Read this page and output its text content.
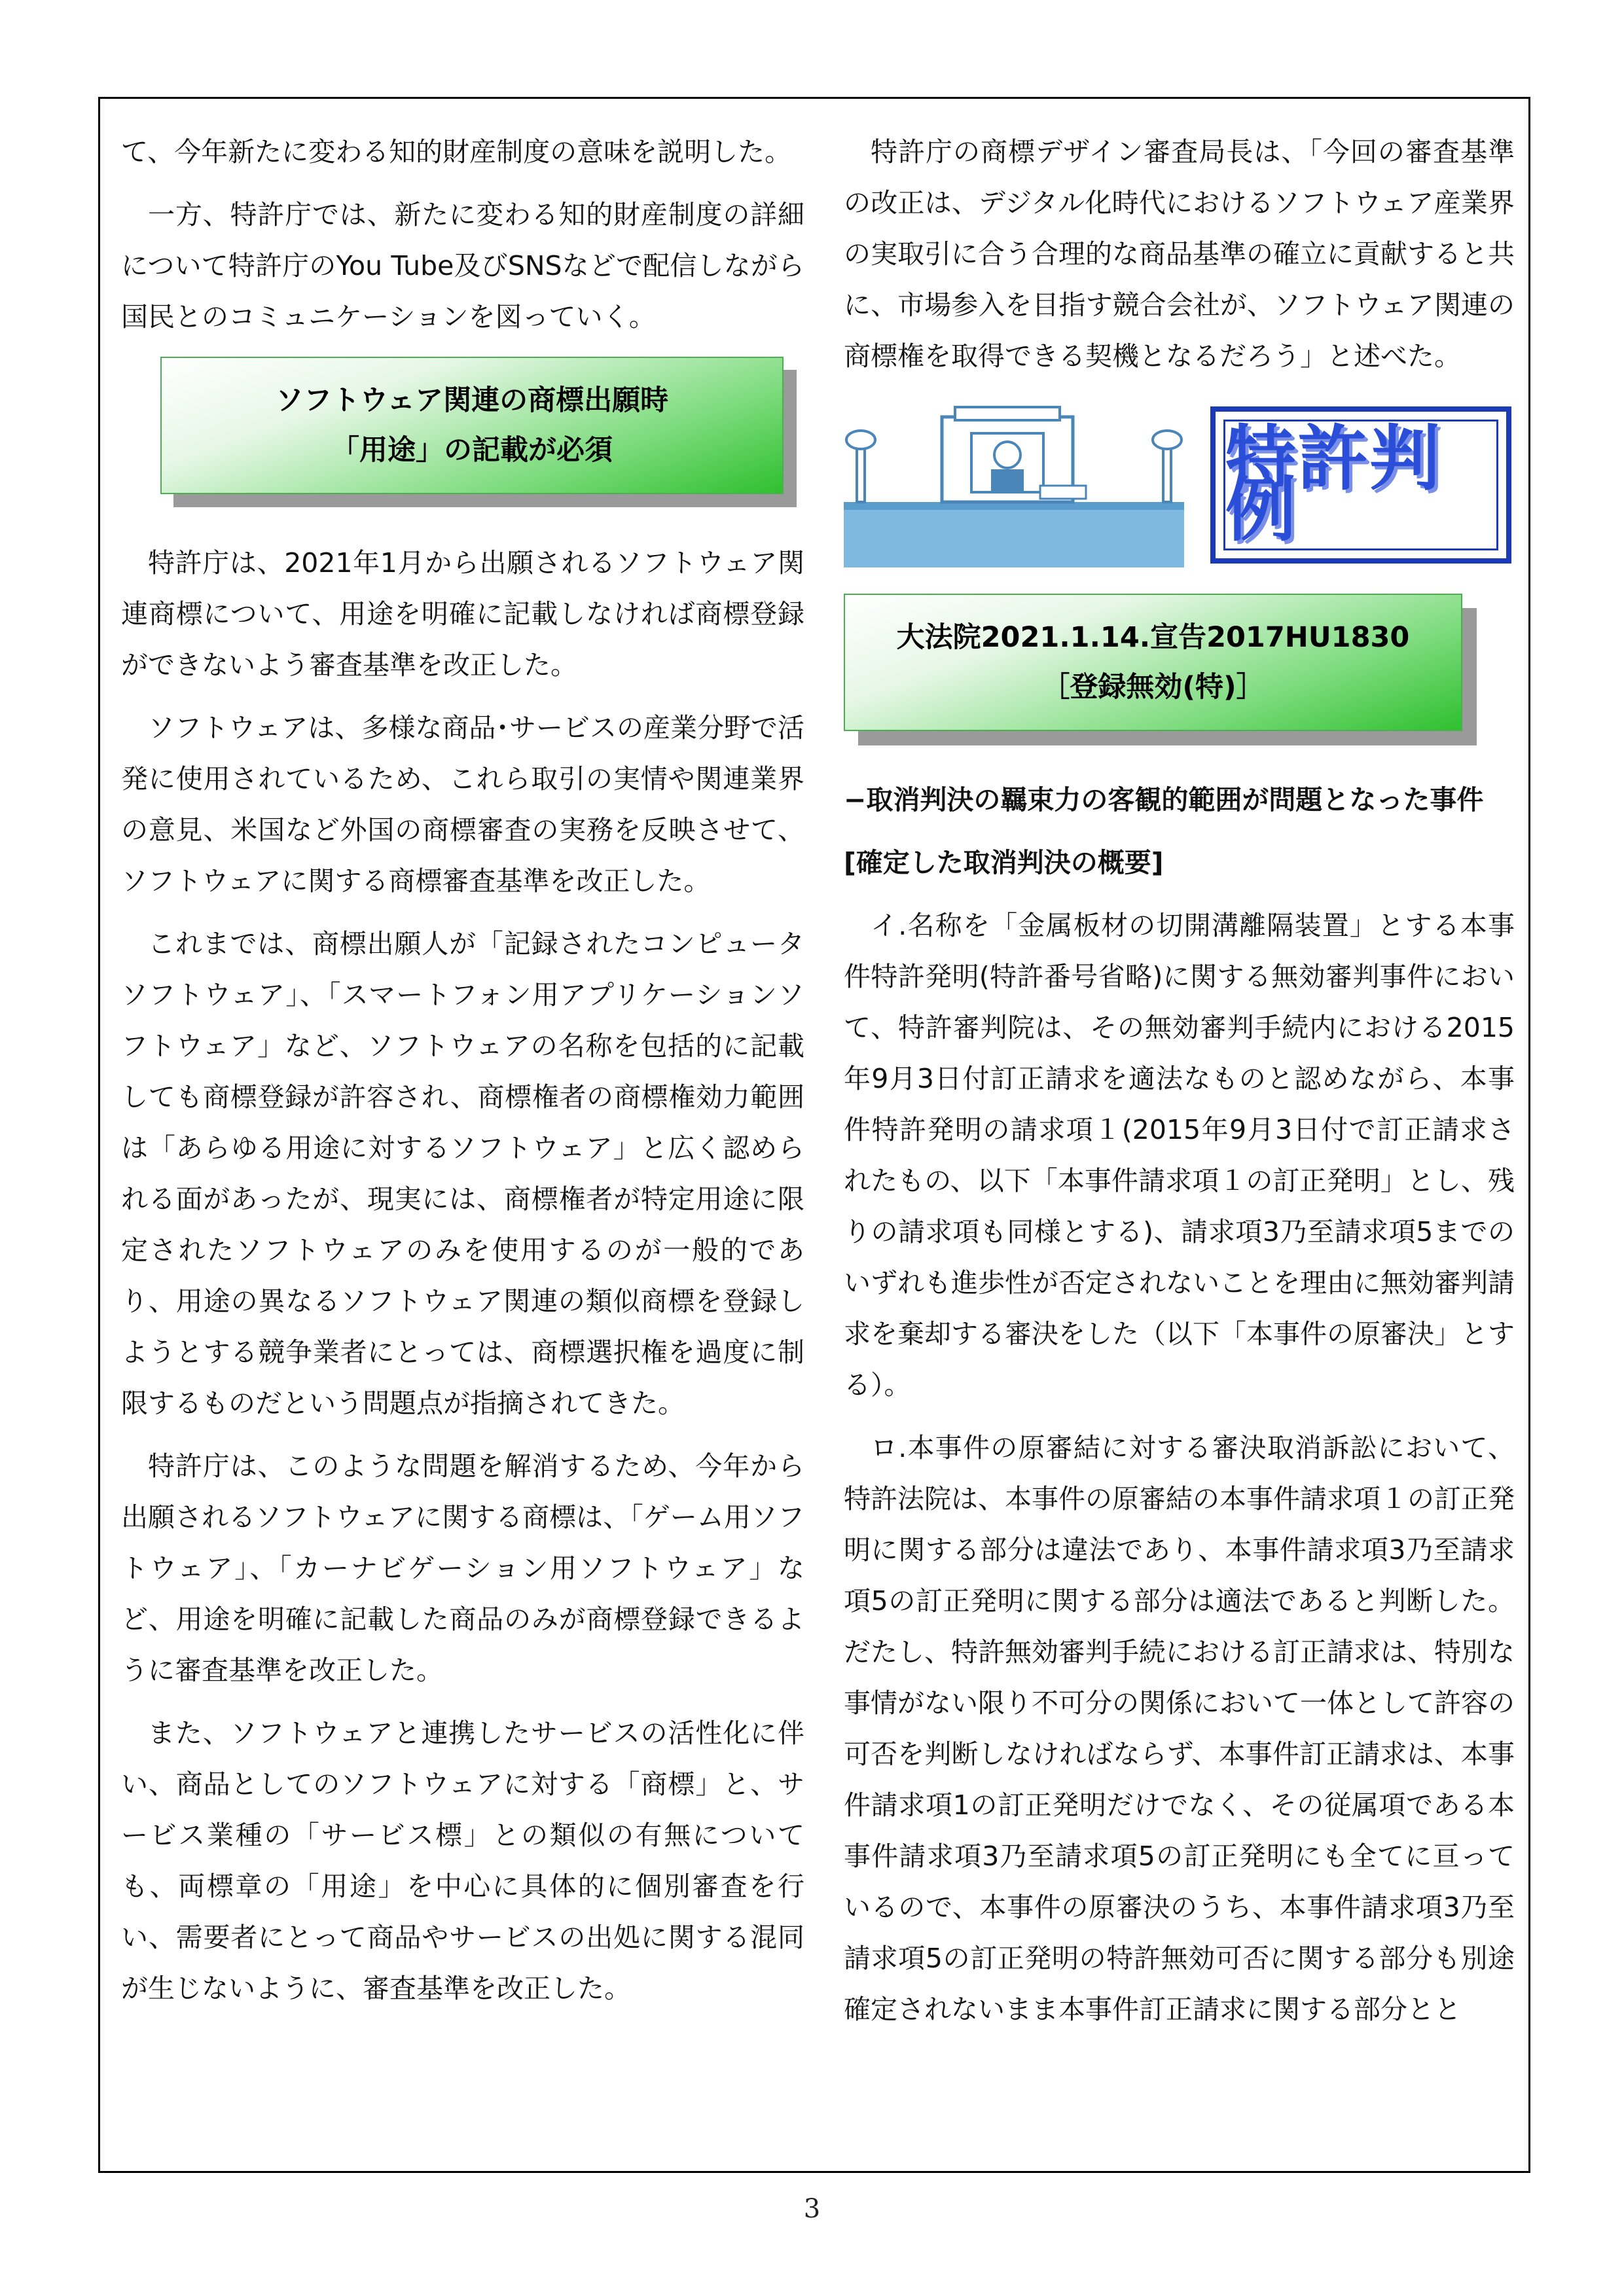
て、今年新たに変わる知的財産制度の意味を説明した。

一方、特許庁では、新たに変わる知的財産制度の詳細について特許庁のYou Tube及びSNSなどで配信しながら国民とのコミュニケーションを図っていく。

ソフトウェア関連の商標出願時
「用途」の記載が必須

特許庁は、2021年1月から出願されるソフトウェア関連商標について、用途を明確に記載しなければ商標登録ができないよう審査基準を改正した。

ソフトウェアは、多様な商品･サービスの産業分野で活発に使用されているため、これら取引の実情や関連業界の意見、米国など外国の商標審査の実務を反映させて、ソフトウェアに関する商標審査基準を改正した。

これまでは、商標出願人が「記録されたコンピュータソフトウェア」、「スマートフォン用アプリケーションソフトウェア」など、ソフトウェアの名称を包括的に記載しても商標登録が許容され、商標権者の商標権効力範囲は「あらゆる用途に対するソフトウェア」と広く認められる面があったが、現実には、商標権者が特定用途に限定されたソフトウェアのみを使用するのが一般的であり、用途の異なるソフトウェア関連の類似商標を登録しようとする競争業者にとっては、商標選択権を過度に制限するものだという問題点が指摘されてきた。

特許庁は、このような問題を解消するため、今年から出願されるソフトウェアに関する商標は、「ゲーム用ソフトウェア」、「カーナビゲーション用ソフトウェア」など、用途を明確に記載した商品のみが商標登録できるように審査基準を改正した。

また、ソフトウェアと連携したサービスの活性化に伴い、商品としてのソフトウェアに対する「商標」と、サービス業種の「サービス標」との類似の有無についても、両標章の「用途」を中心に具体的に個別審査を行い、需要者にとって商品やサービスの出処に関する混同が生じないように、審査基準を改正した。

特許庁の商標デザイン審査局長は、「今回の審査基準の改正は、デジタル化時代におけるソフトウェア産業界の実取引に合う合理的な商品基準の確立に貢献すると共に、市場参入を目指す競合会社が、ソフトウェア関連の商標権を取得できる契機となるだろう」と述べた。

特許判例
大法院2021.1.14.宣告2017HU1830
［登録無効(特)］

−取消判決の羈束力の客観的範囲が問題となった事件

[確定した取消判決の概要]

イ.名称を「金属板材の切開溝離隔装置」とする本事件特許発明(特許番号省略)に関する無効審判事件において、特許審判院は、その無効審判手続内における2015年9月3日付訂正請求を適法なものと認めながら、本事件特許発明の請求項１(2015年9月3日付で訂正請求されたもの、以下「本事件請求項１の訂正発明」とし、残りの請求項も同様とする)、請求項3乃至請求項5までのいずれも進歩性が否定されないことを理由に無効審判請求を棄却する審決をした（以下「本事件の原審決」とする）。

ロ.本事件の原審結に対する審決取消訴訟において、特許法院は、本事件の原審結の本事件請求項１の訂正発明に関する部分は違法であり、本事件請求項3乃至請求項5の訂正発明に関する部分は適法であると判断した。だたし、特許無効審判手続における訂正請求は、特別な事情がない限り不可分の関係において一体として許容の可否を判断しなければならず、本事件訂正請求は、本事件請求項1の訂正発明だけでなく、その従属項である本事件請求項3乃至請求項5の訂正発明にも全てに亘っているので、本事件の原審決のうち、本事件請求項3乃至請求項5の訂正発明の特許無効可否に関する部分も別途確定されないまま本事件訂正請求に関する部分とと

3
